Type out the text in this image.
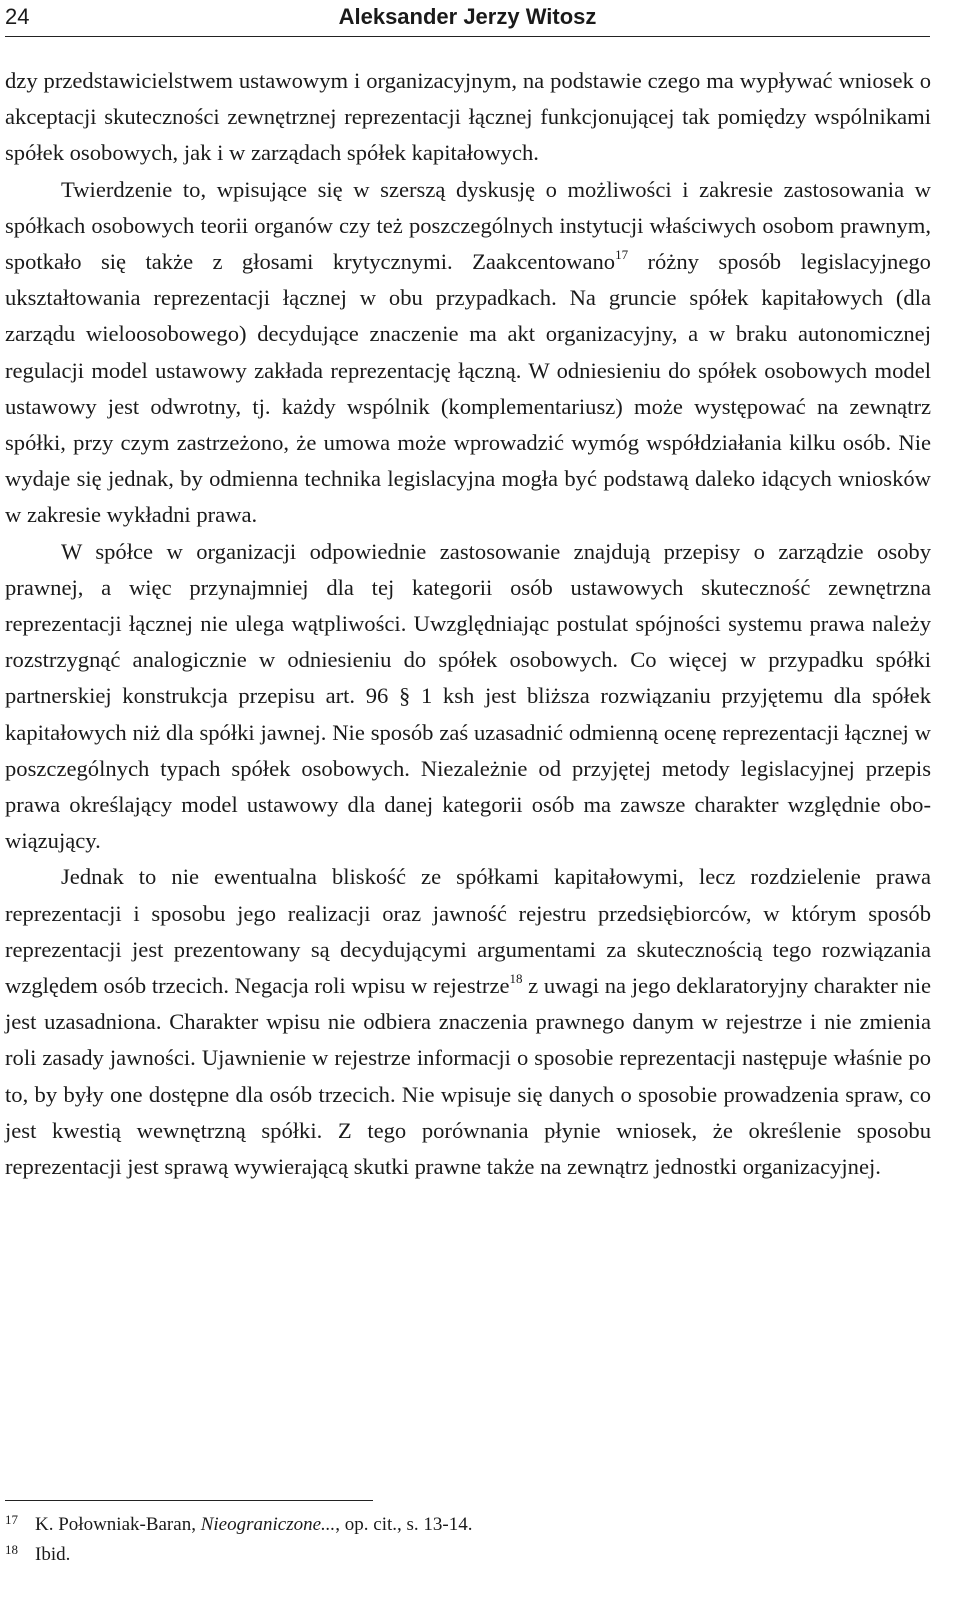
24	Aleksander Jerzy Witosz

dzy przedstawicielstwem ustawowym i organizacyjnym, na podstawie czego ma wypływać wniosek o akceptacji skuteczności zewnętrznej reprezentacji łącznej funkcjonującej tak pomiędzy wspólnikami spółek osobowych, jak i w zarządach spółek kapitałowych.

Twierdzenie to, wpisujące się w szerszą dyskusję o możliwości i zakresie zastosowania w spółkach osobowych teorii organów czy też poszczególnych instytucji właściwych osobom prawnym, spotkało się także z głosami krytycznymi. Zaakcentowano$^{17}$ różny sposób legislacyjnego ukształtowania reprezentacji łącznej w obu przypadkach. Na gruncie spółek kapitałowych (dla zarządu wieloosobowego) decydujące znaczenie ma akt organizacyjny, a w braku autonomicznej regulacji model ustawowy zakłada reprezentację łączną. W odniesieniu do spółek osobowych model ustawowy jest odwrotny, tj. każdy wspólnik (komplementariusz) może występować na zewnątrz spółki, przy czym zastrzeżono, że umowa może wprowadzić wymóg współdziałania kilku osób. Nie wydaje się jednak, by odmienna technika legislacyjna mogła być podstawą daleko idących wniosków w zakresie wykładni prawa.

W spółce w organizacji odpowiednie zastosowanie znajdują przepisy o zarządzie osoby prawnej, a więc przynajmniej dla tej kategorii osób ustawowych skuteczność zewnętrzna reprezentacji łącznej nie ulega wątpliwości. Uwzględniając postulat spójności systemu prawa należy rozstrzygnąć analogicznie w odniesieniu do spółek osobowych. Co więcej w przypadku spółki partnerskiej konstrukcja przepisu art. 96 § 1 ksh jest bliższa rozwiązaniu przyjętemu dla spółek kapitałowych niż dla spółki jawnej. Nie sposób zaś uzasadnić odmienną ocenę reprezentacji łącznej w poszczególnych typach spółek osobowych. Niezależnie od przyjętej metody legislacyjnej przepis prawa określający model ustawowy dla danej kategorii osób ma zawsze charakter względnie obowiązujący.

Jednak to nie ewentualna bliskość ze spółkami kapitałowymi, lecz rozdzielenie prawa reprezentacji i sposobu jego realizacji oraz jawność rejestru przedsiębiorców, w którym sposób reprezentacji jest prezentowany są decydującymi argumentami za skutecznością tego rozwiązania względem osób trzecich. Negacja roli wpisu w rejestrze$^{18}$ z uwagi na jego deklaratoryjny charakter nie jest uzasadniona. Charakter wpisu nie odbiera znaczenia prawnego danym w rejestrze i nie zmienia roli zasady jawności. Ujawnienie w rejestrze informacji o sposobie reprezentacji następuje właśnie po to, by były one dostępne dla osób trzecich. Nie wpisuje się danych o sposobie prowadzenia spraw, co jest kwestią wewnętrzną spółki. Z tego porównania płynie wniosek, że określenie sposobu reprezentacji jest sprawą wywierającą skutki prawne także na zewnątrz jednostki organizacyjnej.

17 K. Połowniak-Baran, Nieograniczone..., op. cit., s. 13-14.
18 Ibid.
